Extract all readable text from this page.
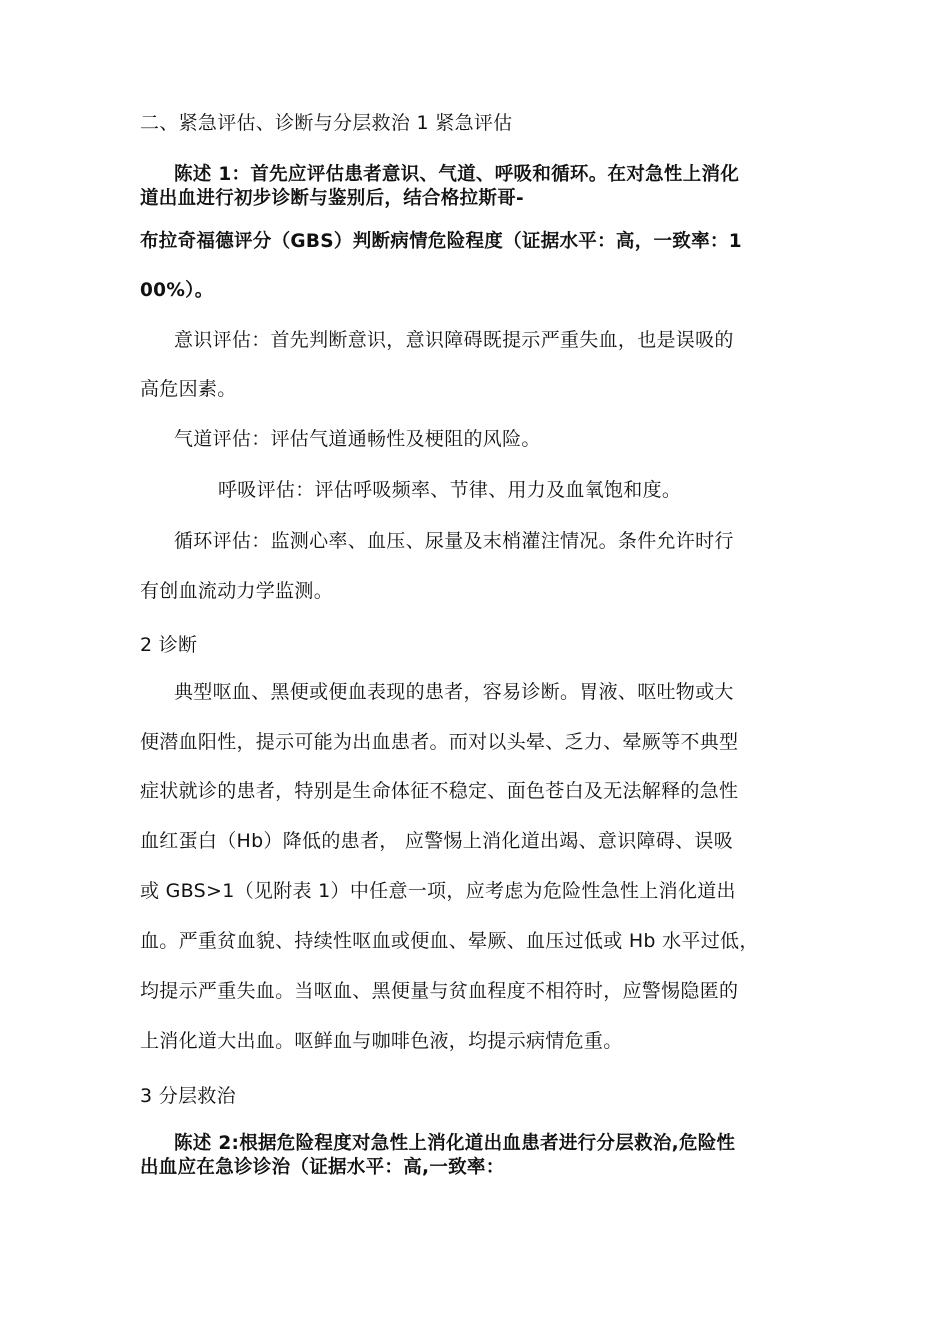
二、紧急评估、诊断与分层救治 1 紧急评估
陈述 1：首先应评估患者意识、气道、呼吸和循环。在对急性上消化
道出血进行初步诊断与鉴别后，结合格拉斯哥-
布拉奇福德评分（GBS）判断病情危险程度（证据水平：高，一致率：1
00%）。
意识评估：首先判断意识，意识障碍既提示严重失血，也是误吸的
高危因素。
气道评估：评估气道通畅性及梗阻的风险。
呼吸评估：评估呼吸频率、节律、用力及血氧饱和度。
循环评估：监测心率、血压、尿量及末梢灌注情况。条件允许时行
有创血流动力学监测。
2 诊断
典型呕血、黑便或便血表现的患者，容易诊断。胃液、呕吐物或大
便潜血阳性，提示可能为出血患者。而对以头晕、乏力、晕厥等不典型
症状就诊的患者，特别是生命体征不稳定、面色苍白及无法解释的急性
血红蛋白（Hb）降低的患者， 应警惕上消化道出竭、意识障碍、误吸
或 GBS>1（见附表 1）中任意一项，应考虑为危险性急性上消化道出
血。严重贫血貌、持续性呕血或便血、晕厥、血压过低或 Hb 水平过低，
均提示严重失血。当呕血、黑便量与贫血程度不相符时，应警惕隐匿的
上消化道大出血。呕鲜血与咖啡色液，均提示病情危重。
3 分层救治
陈述 2:根据危险程度对急性上消化道出血患者进行分层救治,危险性
出血应在急诊诊治（证据水平：高,一致率：
